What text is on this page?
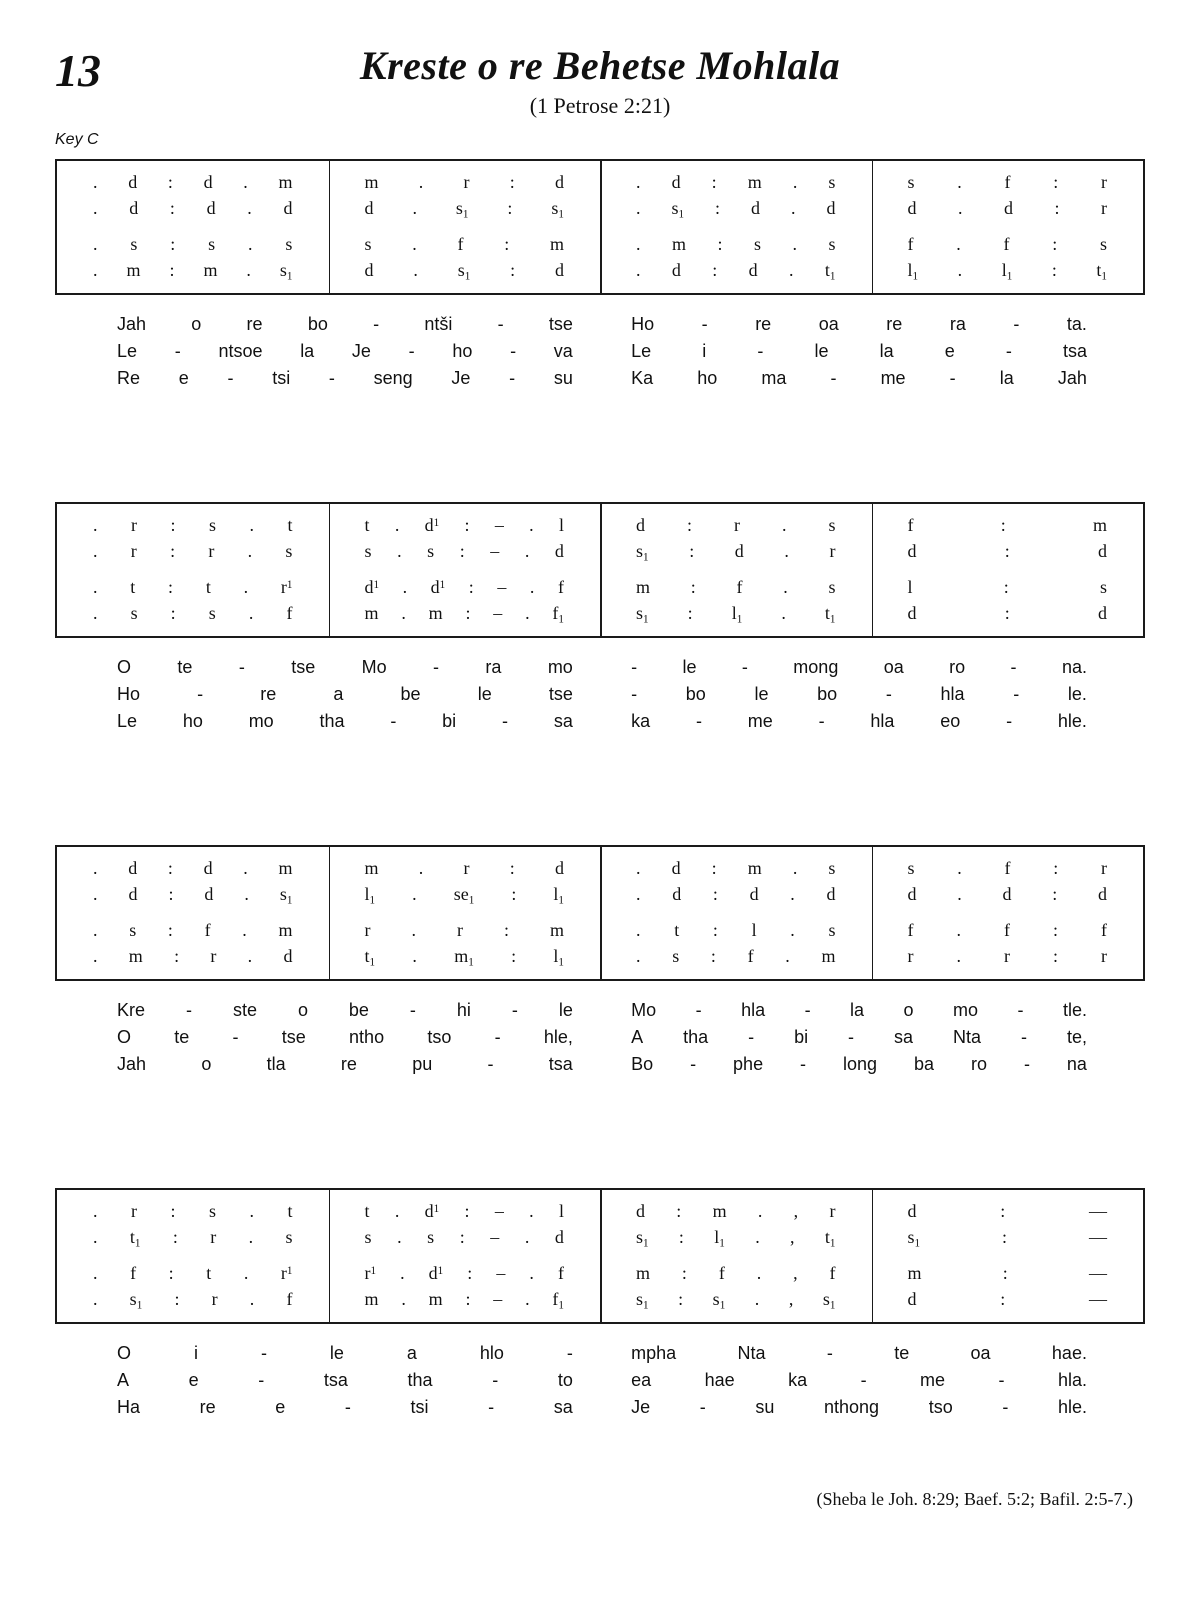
13	Kreste o re Behetse Mohlala
(1 Petrose 2:21)
Key C
. d : d . m	m . r : d	. d : m . s	s . f : r
. d : d . d	d . $s_1$ : $s_1$	. $s_1$ : d . d	d . d : r
. s : s . s	s . f : m	. m : s . s	f . f : s
. m : m . $s_1$	d . $s_1$ : d	. d : d . $t_1$	$l_1$ . $l_1$ : $t_1$
Jah	o	re	bo	-	ntši	-	tse	Ho	-	re	oa	re	ra	-	ta.
Le - ntsoe la Je - ho - va	Le	i	-	le	la	e	-	tsa
Re e - tsi - seng Je - su	Ka ho ma - me - la Jah
. r : s . t	t . $d^1$ : – . l	d : r . s	f	:	m
. r : r . s	s . s : – . d	$s_1$ : d . r	d	:	d
. t : t . $r^1$	$d^1$ . $d^1$ : – . f	m : f . s	l	:	s
. s : s . f	m . m : – . $f_1$	$s_1$ : $l_1$ . $t_1$	d	:	d
O	te	-	tse	Mo	-	ra	mo	-	le	-	mong	oa	ro	-	na.
Ho	-	re	a	be	le	tse	-	bo	le	bo	-	hla	-	le.
Le	ho	mo	tha	-	bi	-	sa	ka	-	me	-	hla	eo	-	hle.
. d : d . m	m . r : d	. d : m . s	s . f : r
. d : d . $s_1$	$l_1$ . $se_1$ : $l_1$	. d : d . d	d . d : d
. s : f . m	r . r : m	. t : l . s	f . f : f
. m : r . d	$t_1$ . $m_1$ : $l_1$	. s : f . m	r . r : r
Kre - ste o be - hi - le	Mo - hla - la o mo - tle.
O te - tse ntho tso - hle,	A tha - bi - sa Nta - te,
Jah	o	tla	re	pu	-	tsa	Bo - phe - long ba ro - na
. r : s . t	t . $d^1$ : – . l	d : m . , r	d	:	—
. $t_1$ : r . s	s . s : – . d	$s_1$ : $l_1$ . , $t_1$	$s_1$	:	—
. f : t . $r^1$	$r^1$ . $d^1$ : – . f	m : f . , f	m	:	—
. $s_1$ : r . f	m . m : – . $f_1$	$s_1$ : $s_1$ . , $s_1$	d	:	—
O	i	-	le	a	hlo	-	mpha	Nta	-	te	oa	hae.
A	e	-	tsa	tha	-	to	ea	hae	ka	-	me	-	hla.
Ha	re	e	-	tsi	-	sa	Je	-	su	nthong	tso	-	hle.
(Sheba le Joh. 8:29; Baef. 5:2; Bafil. 2:5-7.)
